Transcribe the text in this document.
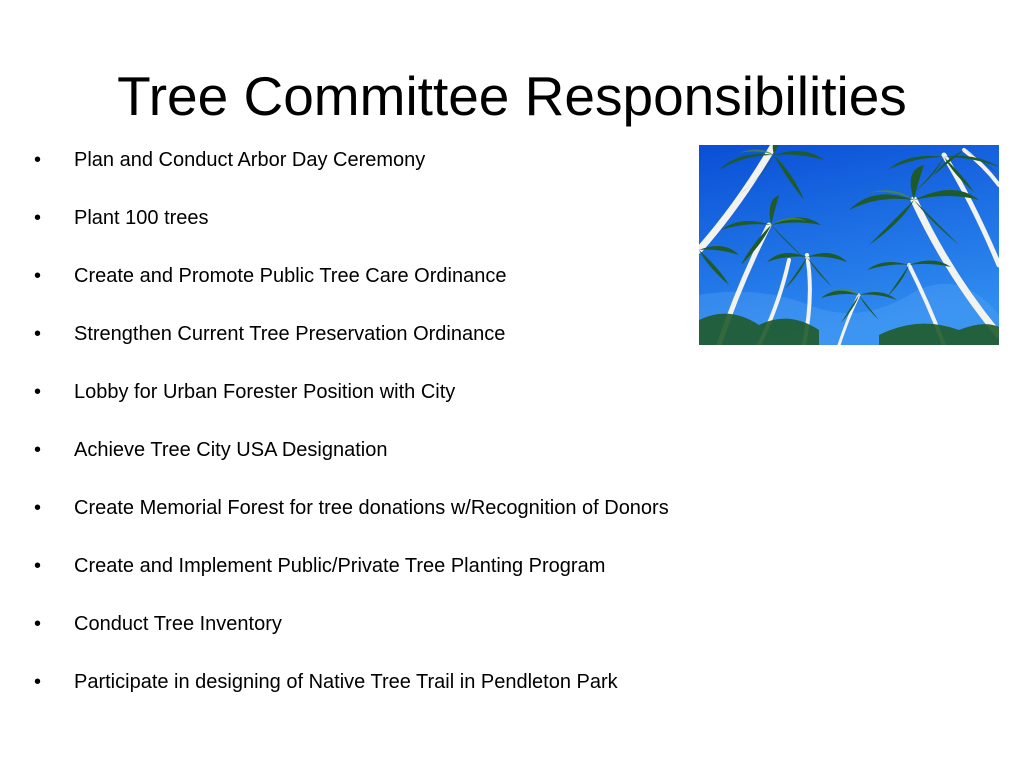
Tree Committee Responsibilities
•	Plan and Conduct Arbor Day Ceremony
•	Plant 100 trees
•	Create and Promote Public Tree Care Ordinance
•	Strengthen Current Tree Preservation Ordinance
•	Lobby for Urban Forester Position with City
•	Achieve Tree City USA Designation
•	Create Memorial Forest for tree donations w/Recognition of Donors
•	Create and Implement Public/Private Tree Planting Program
•	Conduct Tree Inventory
•	Participate in designing of Native Tree Trail in Pendleton Park
